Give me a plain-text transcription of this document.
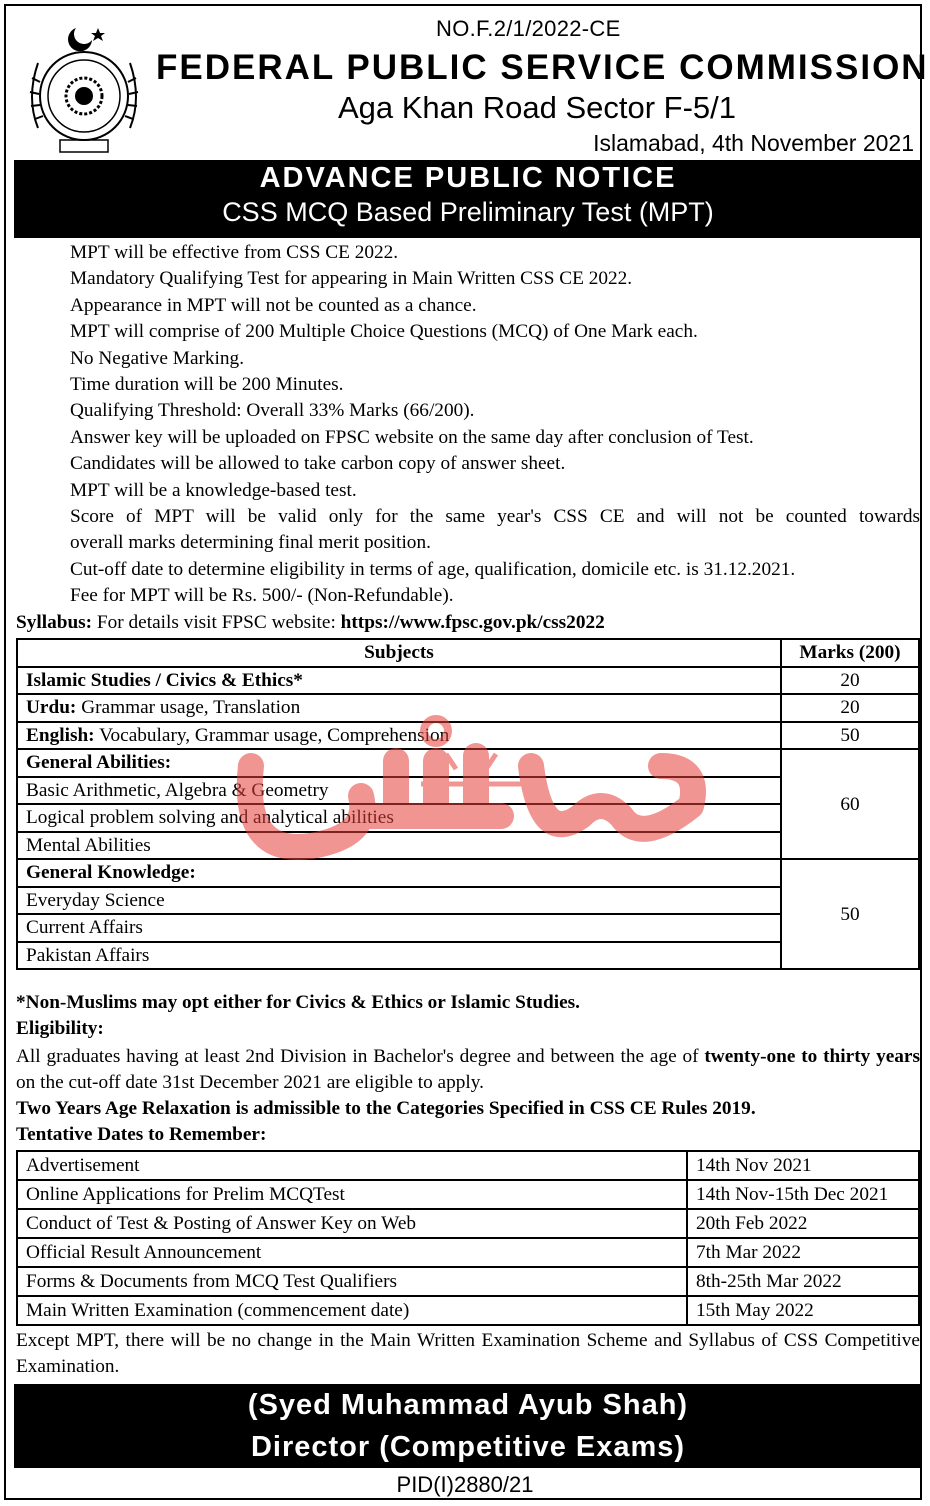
NO.F.2/1/2022-CE
FEDERAL PUBLIC SERVICE COMMISSION
Aga Khan Road Sector F-5/1
Islamabad, 4th November 2021
ADVANCE PUBLIC NOTICE
CSS MCQ Based Preliminary Test (MPT)
MPT will be effective from CSS CE 2022.
Mandatory Qualifying Test for appearing in Main Written CSS CE 2022.
Appearance in MPT will not be counted as a chance.
MPT will comprise of 200 Multiple Choice Questions (MCQ) of One Mark each.
No Negative Marking.
Time duration will be 200 Minutes.
Qualifying Threshold: Overall 33% Marks (66/200).
Answer key will be uploaded on FPSC website on the same day after conclusion of Test.
Candidates will be allowed to take carbon copy of answer sheet.
MPT will be a knowledge-based test.
Score of MPT will be valid only for the same year's CSS CE and will not be counted towards
overall marks determining final merit position.
Cut-off date to determine eligibility in terms of age, qualification, domicile etc. is 31.12.2021.
Fee for MPT will be Rs. 500/- (Non-Refundable).
Syllabus: For details visit FPSC website: https://www.fpsc.gov.pk/css2022
Subjects	Marks (200)
Islamic Studies / Civics & Ethics*	20
Urdu: Grammar usage, Translation	20
English: Vocabulary, Grammar usage, Comprehension	50
General Abilities:	60
Basic Arithmetic, Algebra & Geometry	
Logical problem solving and analytical abilities	
Mental Abilities	
General Knowledge:	50
Everyday Science	
Current Affairs	
Pakistan Affairs	
*Non-Muslims may opt either for Civics & Ethics or Islamic Studies.
Eligibility:
All graduates having at least 2nd Division in Bachelor's degree and between the age of twenty-one to thirty years on the cut-off date 31st December 2021 are eligible to apply.
Two Years Age Relaxation is admissible to the Categories Specified in CSS CE Rules 2019.
Tentative Dates to Remember:
Advertisement	14th Nov 2021
Online Applications for Prelim MCQTest	14th Nov-15th Dec 2021
Conduct of Test & Posting of Answer Key on Web	20th Feb 2022
Official Result Announcement	7th Mar 2022
Forms & Documents from MCQ Test Qualifiers	8th-25th Mar 2022
Main Written Examination (commencement date)	15th May 2022
Except MPT, there will be no change in the Main Written Examination Scheme and Syllabus of CSS Competitive Examination.
(Syed Muhammad Ayub Shah)
Director (Competitive Exams)
PID(I)2880/21
